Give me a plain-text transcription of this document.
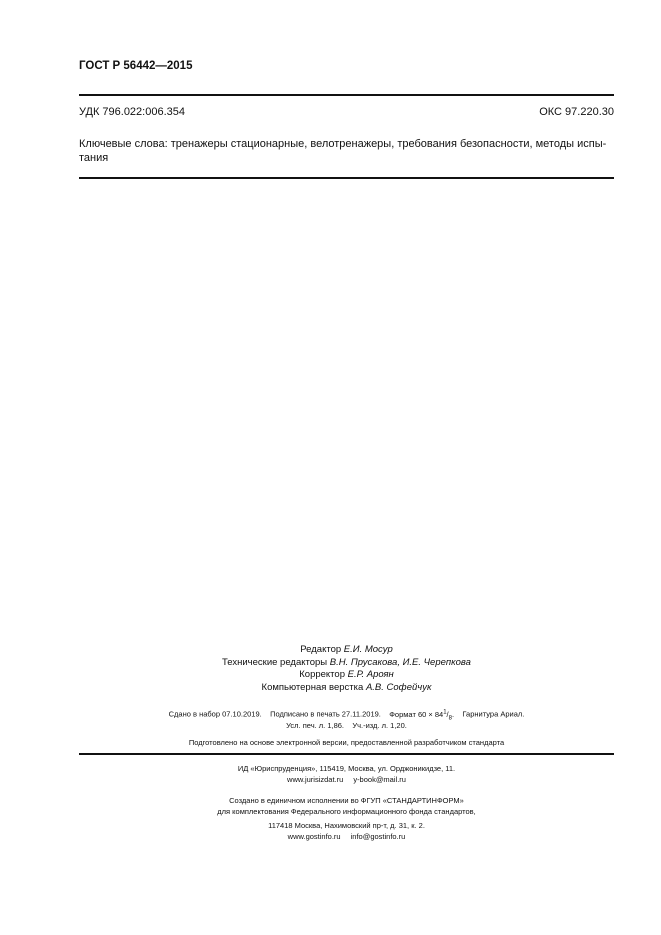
ГОСТ Р 56442—2015
УДК 796.022:006.354	ОКС 97.220.30
Ключевые слова: тренажеры стационарные, велотренажеры, требования безопасности, методы испы-
тания
Редактор Е.И. Мосур
Технические редакторы В.Н. Прусакова, И.Е. Черепкова
Корректор Е.Р. Ароян
Компьютерная верстка А.В. Софейчук
Сдано в набор 07.10.2019. Подписано в печать 27.11.2019. Формат $60 \times 84^1/_8$. Гарнитура Ариал.
Усл. печ. л. 1,86. Уч.-изд. л. 1,20.
Подготовлено на основе электронной версии, предоставленной разработчиком стандарта
ИД «Юриспруденция», 115419, Москва, ул. Орджоникидзе, 11.
www.jurisizdat.ru y-book@mail.ru
Создано в единичном исполнении во ФГУП «СТАНДАРТИНФОРМ»
для комплектования Федерального информационного фонда стандартов,
117418 Москва, Нахимовский пр-т, д. 31, к. 2.
www.gostinfo.ru info@gostinfo.ru
